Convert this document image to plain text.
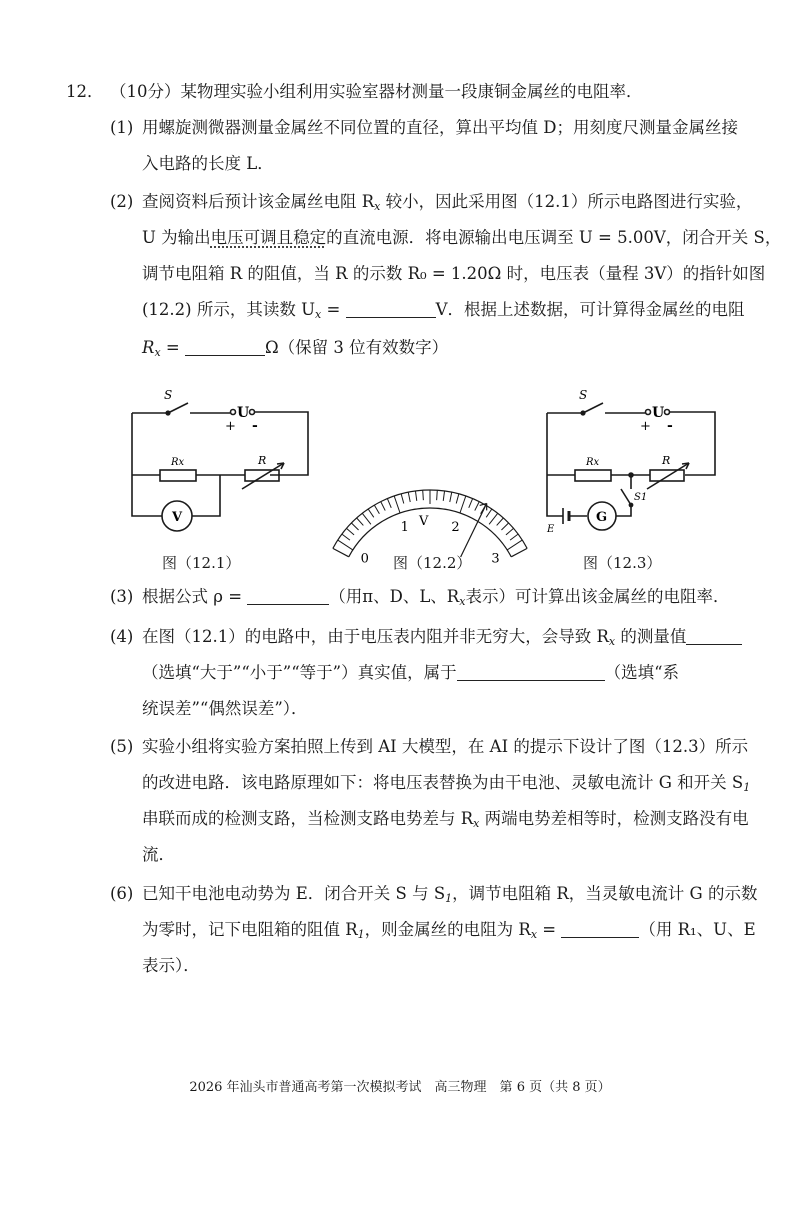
12． （10分）某物理实验小组利用实验室器材测量一段康铜金属丝的电阻率．
(1) 用螺旋测微器测量金属丝不同位置的直径，算出平均值 D；用刻度尺测量金属丝接
入电路的长度 L．
(2) 查阅资料后预计该金属丝电阻 $R_x$ 较小，因此采用图（12.1）所示电路图进行实验，
U 为输出电压可调且稳定的直流电源．将电源输出电压调至 U = 5.00V，闭合开关 S，
调节电阻箱 R 的阻值，当 R 的示数 R₀ = 1.20Ω 时，电压表（量程 3V）的指针如图
(12.2) 所示，其读数 $U_x$ =	V．根据上述数据，可计算得金属丝的电阻
$R_x$ =	Ω（保留 3 位有效数字）
S
U
+ -
Rx	R
V
图（12.1）	0
1	2
3
V
图（12.2）
S
U
+ -
Rx	R
G
S1
E
图（12.3）
(3) 根据公式 ρ =	（用π、D、L、$R_x$表示）可计算出该金属丝的电阻率．
(4) 在图（12.1）的电路中，由于电压表内阻并非无穷大，会导致 $R_x$ 的测量值
（选填“大于”“小于”“等于”）真实值，属于	（选填“系
统误差”“偶然误差”）．
(5) 实验小组将实验方案拍照上传到 AI 大模型，在 AI 的提示下设计了图（12.3）所示
的改进电路．该电路原理如下：将电压表替换为由干电池、灵敏电流计 G 和开关 $S_1$
串联而成的检测支路，当检测支路电势差与 $R_x$ 两端电势差相等时，检测支路没有电
流．
(6) 已知干电池电动势为 E．闭合开关 S 与 $S_1$，调节电阻箱 R，当灵敏电流计 G 的示数
为零时，记下电阻箱的阻值 $R_1$，则金属丝的电阻为 $R_x$ =	（用 R₁、U、E
表示）．
2026 年汕头市普通高考第一次模拟考试　高三物理　第 6 页（共 8 页）
